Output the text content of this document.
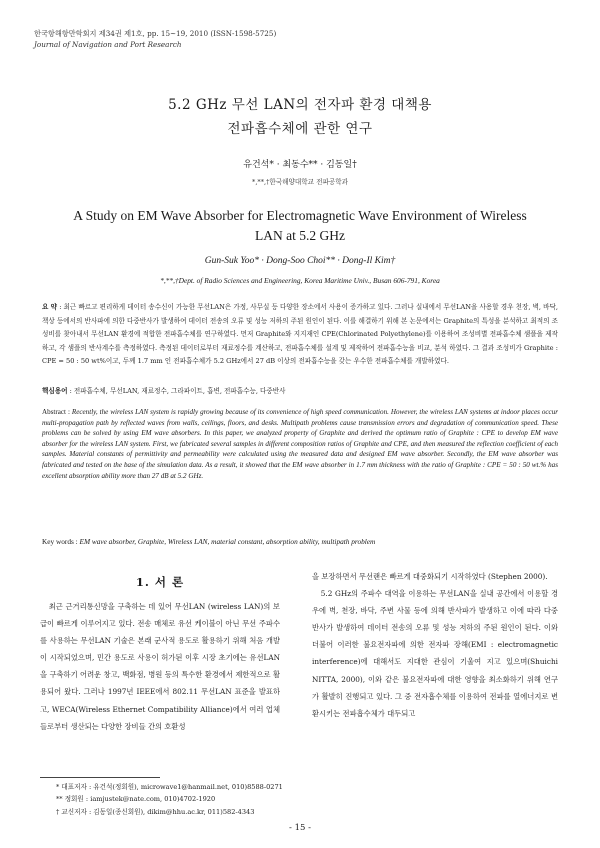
한국항해항만학회지 제34권 제1호, pp. 15~19, 2010 (ISSN-1598-5725)
Journal of Navigation and Port Research
5.2 GHz 무선 LAN의 전자파 환경 대책용
전파흡수체에 관한 연구
유건석* · 최동수** · 김동일†
*,**,†한국해양대학교 전파공학과
A Study on EM Wave Absorber for Electromagnetic Wave Environment of Wireless
LAN at 5.2 GHz
Gun-Suk Yoo* · Dong-Soo Choi** · Dong-Il Kim†
*,**,†Dept. of Radio Sciences and Engineering, Korea Maritime Univ., Busan 606-791, Korea
요 약 : 최근 빠르고 편리하게 데이터 송수신이 가능한 무선LAN은 가정, 사무실 등 다양한 장소에서 사용이 증가하고 있다. 그러나 실내에서 무선LAN을 사용할 경우 천장, 벽, 바닥, 책상 등에서의 반사파에 의한 다중반사가 발생하여 데이터 전송의 오류 및 성능 저하의 주된 원인이 된다. 이를 해결하기 위해 본 논문에서는 Graphite의 특성을 분석하고 최적의 조성비를 찾아내서 무선LAN 환경에 적합한 전파흡수체를 연구하였다. 먼저 Graphite와 지지재인 CPE(Chlorinated Polyethylene)를 이용하여 조성비별 전파흡수체 샘플을 제작하고, 각 샘플의 반사계수를 측정하였다. 측정된 데이터로부터 재료정수를 계산하고, 전파흡수체를 설계 및 제작하여 전파흡수능을 비교, 분석 하였다. 그 결과 조성비가 Graphite : CPE = 50 : 50 wt%이고, 두께 1.7 mm 인 전파흡수체가 5.2 GHz에서 27 dB 이상의 전파흡수능을 갖는 우수한 전파흡수체를 개발하였다.
핵심용어 : 전파흡수체, 무선LAN, 재료정수, 그라파이트, 흡변, 전파흡수능, 다중반사
Abstract : Recently, the wireless LAN system is rapidly growing because of its convenience of high speed communication. However, the wireless LAN systems at indoor places occur multi-propagation path by reflected waves from walls, ceilings, floors, and desks. Multipath problems cause transmission errors and degradation of communication speed. These problems can be solved by using EM wave absorbers. In this paper, we analyzed property of Graphite and derived the optimum ratio of Graphite : CPE to develop EM wave absorber for the wireless LAN system. First, we fabricated several samples in different composition ratios of Graphite and CPE, and then measured the reflection coefficient of each samples. Material constants of permittivity and permeability were calculated using the measured data and designed EM wave absorber. Secondly, the EM wave absorber was fabricated and tested on the base of the simulation data. As a result, it showed that the EM wave absorber in 1.7 mm thickness with the ratio of Graphite : CPE = 50 : 50 wt.% has excellent absorption ability more than 27 dB at 5.2 GHz.
Key words : EM wave absorber, Graphite, Wireless LAN, material constant, absorption ability, multipath problem
1. 서 론
최근 근거리통신망을 구축하는 데 있어 무선LAN (wireless LAN)의 보급이 빠르게 이루어지고 있다. 전송 매체로 유선 케이블이 아닌 무선 주파수를 사용하는 무선LAN 기술은 본래 군사적 용도로 활용하기 위해 처음 개발이 시작되었으며, 민간 용도로 사용이 허가된 이후 시장 초기에는 유선LAN을 구축하기 어려운 창고, 백화점, 병원 등의 특수한 환경에서 제한적으로 활용되어 왔다. 그러나 1997년 IEEE에서 802.11 무선LAN 표준을 발표하고, WECA(Wireless Ethernet Compatibility Alliance)에서 여러 업체들로부터 생산되는 다양한 장비들 간의 호환성
을 보장하면서 무선랜은 빠르게 대중화되기 시작하였다 (Stephen 2000).
5.2 GHz의 주파수 대역을 이용하는 무선LAN을 실내 공간에서 이용할 경우에 벽, 천장, 바닥, 주변 사물 등에 의해 반사파가 발생하고 이에 따라 다중반사가 발생하여 데이터 전송의 오류 및 성능 저하의 주된 원인이 된다. 이와 더불어 이러한 불요전자파에 의한 전자파 장해(EMI : electromagnetic interference)에 대해서도 지대한 관심이 기울여 지고 있으며(Shuichi NITTA, 2000), 이와 같은 불요전자파에 대한 영향을 최소화하기 위해 연구가 활발히 진행되고 있다. 그 중 전자흡수체를 이용하여 전파를 열에너지로 변환시키는 전파흡수체가 대두되고
* 대표저자 : 유건석(정회원), microwave1@hanmail.net, 010)8588-0271
** 정회원 : iamjustek@nate.com, 010)4702-1920
† 교신저자 : 김동일(종신회원), dikim@hhu.ac.kr, 011)582-4343
- 15 -
